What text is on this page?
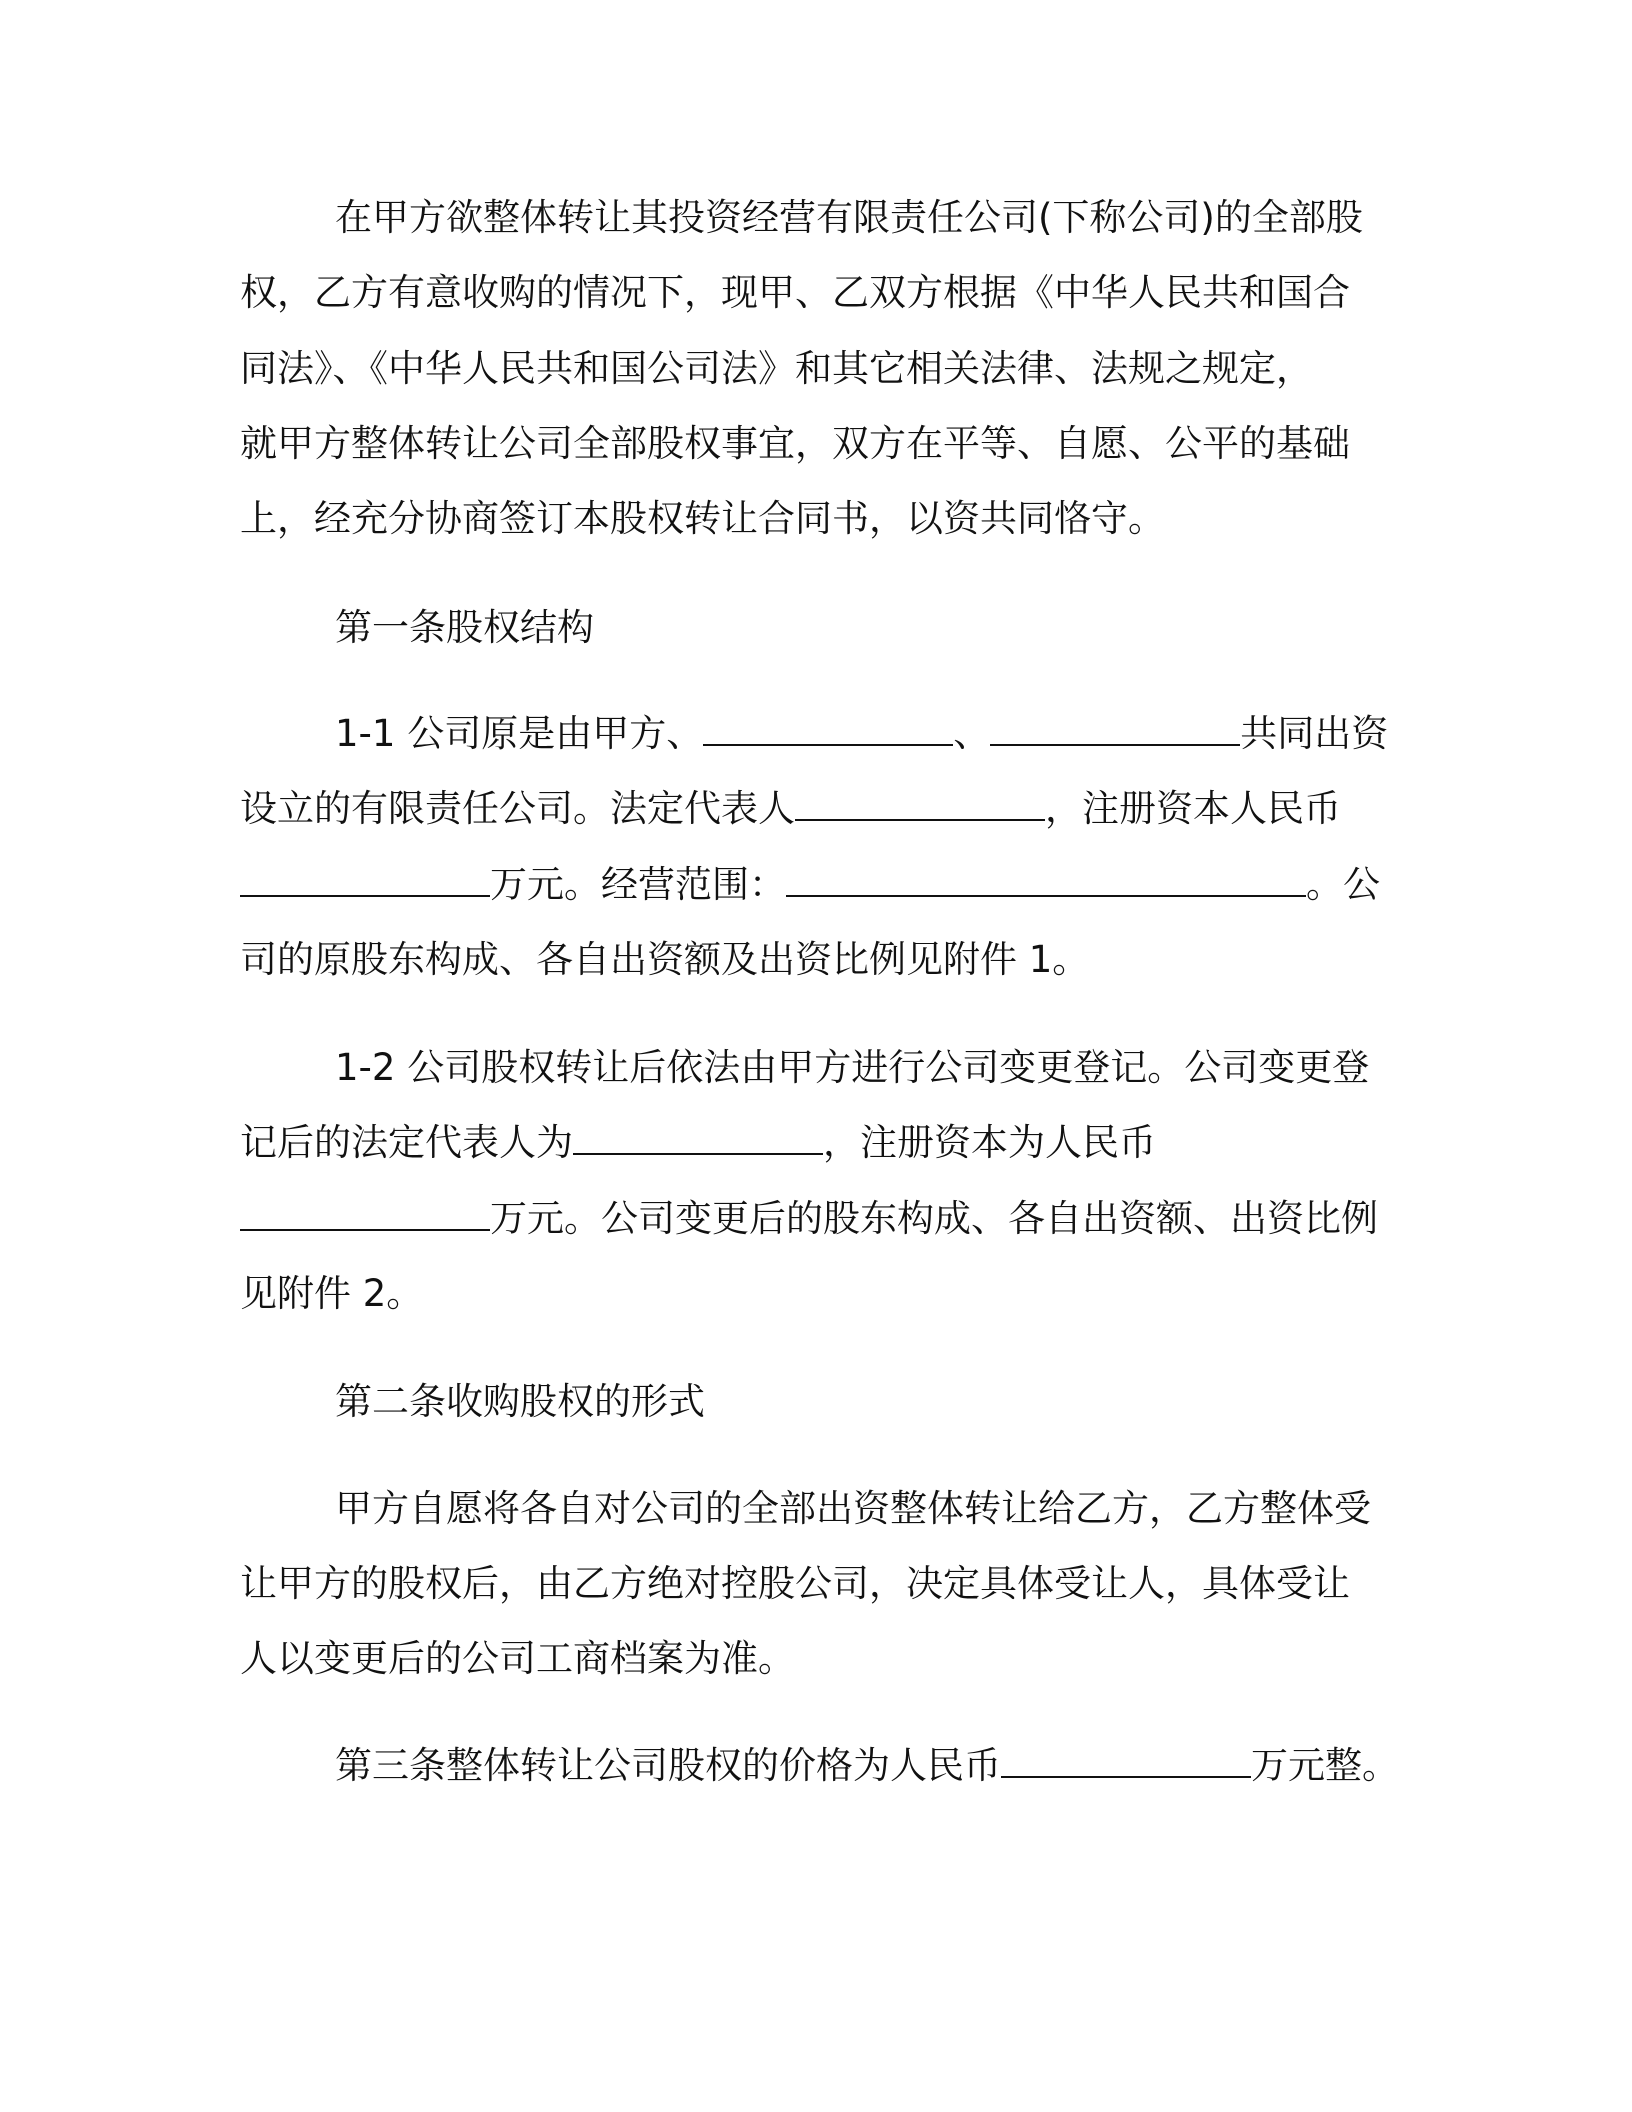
在甲方欲整体转让其投资经营有限责任公司(下称公司)的全部股
权，乙方有意收购的情况下，现甲、乙双方根据《中华人民共和国合
同法》、《中华人民共和国公司法》和其它相关法律、法规之规定，
就甲方整体转让公司全部股权事宜，双方在平等、自愿、公平的基础
上，经充分协商签订本股权转让合同书，以资共同恪守。
第一条股权结构
1-1 公司原是由甲方、	、	共同出资
设立的有限责任公司。法定代表人	，注册资本人民币
万元。经营范围：	。公
司的原股东构成、各自出资额及出资比例见附件 1。
1-2 公司股权转让后依法由甲方进行公司变更登记。公司变更登
记后的法定代表人为	，注册资本为人民币
万元。公司变更后的股东构成、各自出资额、出资比例
见附件 2。
第二条收购股权的形式
甲方自愿将各自对公司的全部出资整体转让给乙方，乙方整体受
让甲方的股权后，由乙方绝对控股公司，决定具体受让人，具体受让
人以变更后的公司工商档案为准。
第三条整体转让公司股权的价格为人民币	万元整。
